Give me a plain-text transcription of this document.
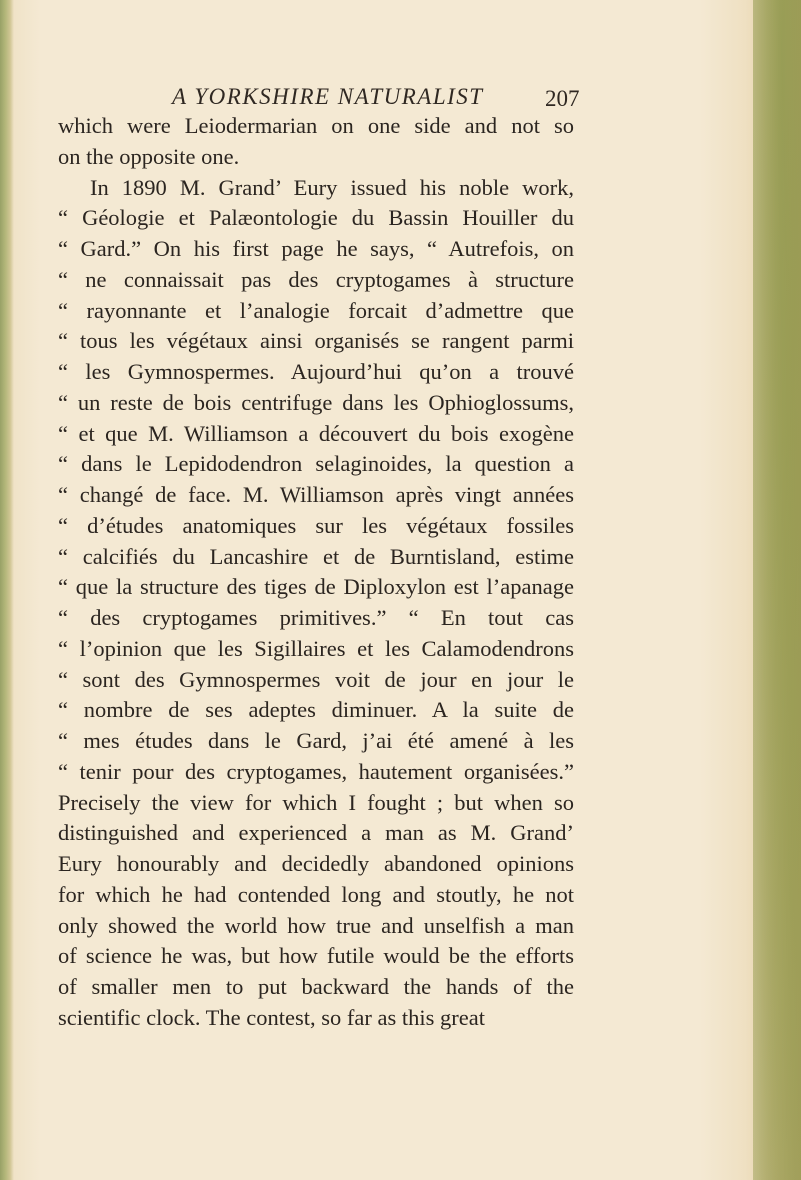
A YORKSHIRE NATURALIST	207
which were Leiodermarian on one side and not so
on the opposite one.
In 1890 M. Grand’ Eury issued his noble work,
“ Géologie et Palæontologie du Bassin Houiller du
“ Gard.” On his first page he says, “ Autrefois, on
“ ne connaissait pas des cryptogames à structure
“ rayonnante et l’analogie forcait d’admettre que
“ tous les végétaux ainsi organisés se rangent parmi
“ les Gymnospermes. Aujourd’hui qu’on a trouvé
“ un reste de bois centrifuge dans les Ophioglossums,
“ et que M. Williamson a découvert du bois exogène
“ dans le Lepidodendron selaginoides, la question a
“ changé de face. M. Williamson après vingt années
“ d’études anatomiques sur les végétaux fossiles
“ calcifiés du Lancashire et de Burntisland, estime
“ que la structure des tiges de Diploxylon est l’apanage
“ des cryptogames primitives.” “ En tout cas
“ l’opinion que les Sigillaires et les Calamodendrons
“ sont des Gymnospermes voit de jour en jour le
“ nombre de ses adeptes diminuer. A la suite de
“ mes études dans le Gard, j’ai été amené à les
“ tenir pour des cryptogames, hautement organisées.”
Precisely the view for which I fought ; but when so
distinguished and experienced a man as M. Grand’
Eury honourably and decidedly abandoned opinions
for which he had contended long and stoutly, he not
only showed the world how true and unselfish a man
of science he was, but how futile would be the efforts
of smaller men to put backward the hands of the
scientific clock. The contest, so far as this great
